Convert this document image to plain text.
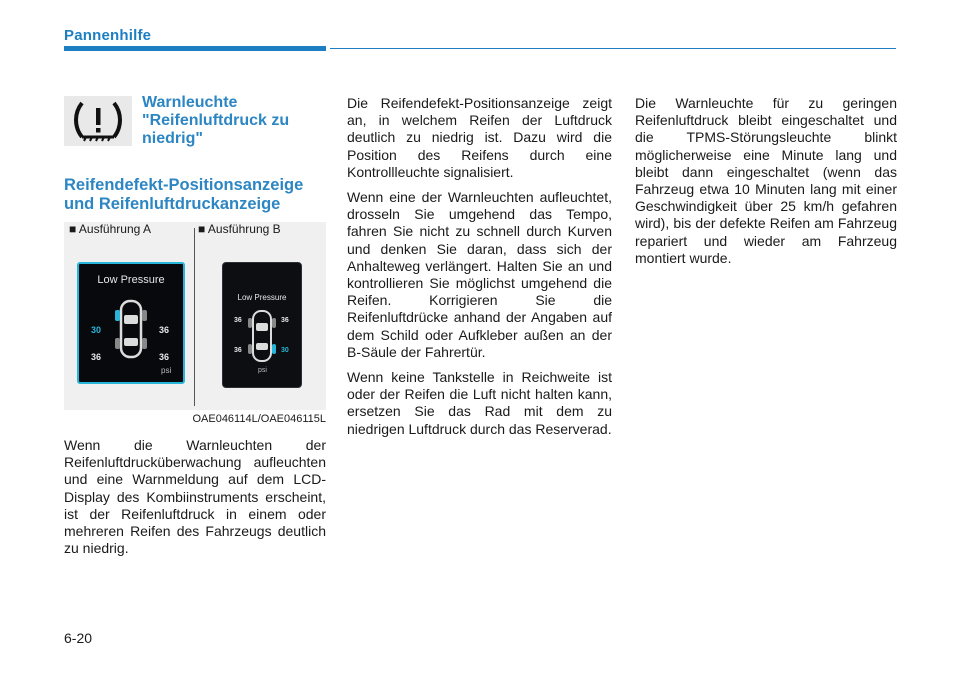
Pannenhilfe
Warnleuchte "Reifenluftdruck zu niedrig"
Reifendefekt-Positionsanzeige und Reifenluftdruckanzeige
■ Ausführung A	■ Ausführung B
Low Pressure
30	36
36	36
psi
Low Pressure
36	36
36	30
psi
OAE046114L/OAE046115L

Wenn die Warnleuchten der Reifenluftdrucküberwachung aufleuchten und eine Warnmeldung auf dem LCD-Display des Kombiinstruments erscheint, ist der Reifenluftdruck in einem oder mehreren Reifen des Fahrzeugs deutlich zu niedrig.

Die Reifendefekt-Positionsanzeige zeigt an, in welchem Reifen der Luftdruck deutlich zu niedrig ist. Dazu wird die Position des Reifens durch eine Kontrollleuchte signalisiert.

Wenn eine der Warnleuchten aufleuchtet, drosseln Sie umgehend das Tempo, fahren Sie nicht zu schnell durch Kurven und denken Sie daran, dass sich der Anhalteweg verlängert. Halten Sie an und kontrollieren Sie möglichst umgehend die Reifen. Korrigieren Sie die Reifenluftdrücke anhand der Angaben auf dem Schild oder Aufkleber außen an der B-Säule der Fahrertür.

Wenn keine Tankstelle in Reichweite ist oder der Reifen die Luft nicht halten kann, ersetzen Sie das Rad mit dem zu niedrigen Luftdruck durch das Reserverad.

Die Warnleuchte für zu geringen Reifenluftdruck bleibt eingeschaltet und die TPMS-Störungsleuchte blinkt möglicherweise eine Minute lang und bleibt dann eingeschaltet (wenn das Fahrzeug etwa 10 Minuten lang mit einer Geschwindigkeit über 25 km/h gefahren wird), bis der defekte Reifen am Fahrzeug repariert und wieder am Fahrzeug montiert wurde.

6-20
